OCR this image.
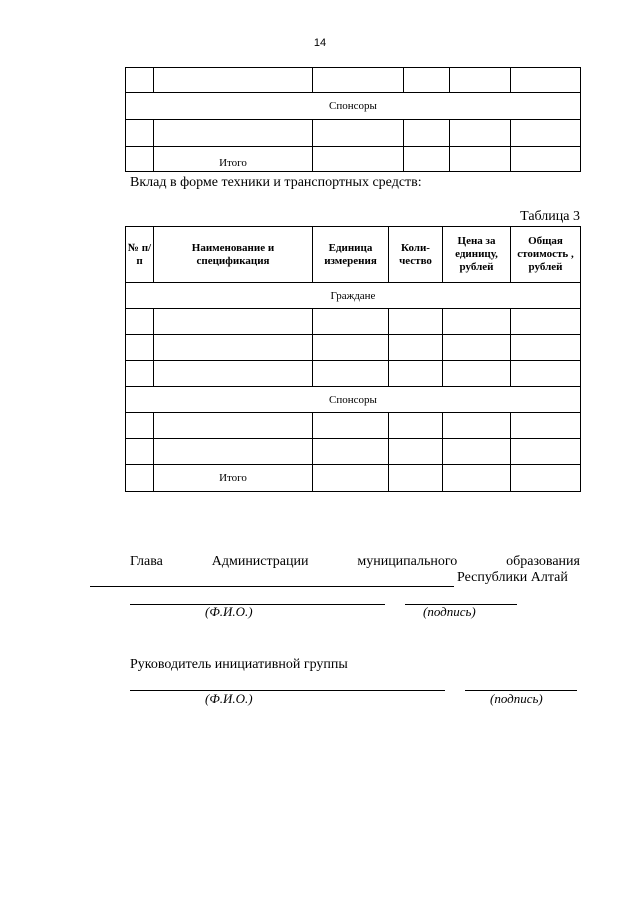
14

Спонсоры					

	Итого				
Вклад в форме техники и транспортных средств:
Таблица 3
№ п/п	Наименование и спецификация	Единица измерения	Коли-чество	Цена за единицу, рублей	Общая стоимость , рублей
Граждане					

Спонсоры					

	Итого				
Глава	Администрации	муниципального	образования
Республики Алтай
(Ф.И.О.)	(подпись)
Руководитель инициативной группы
(Ф.И.О.)	(подпись)
